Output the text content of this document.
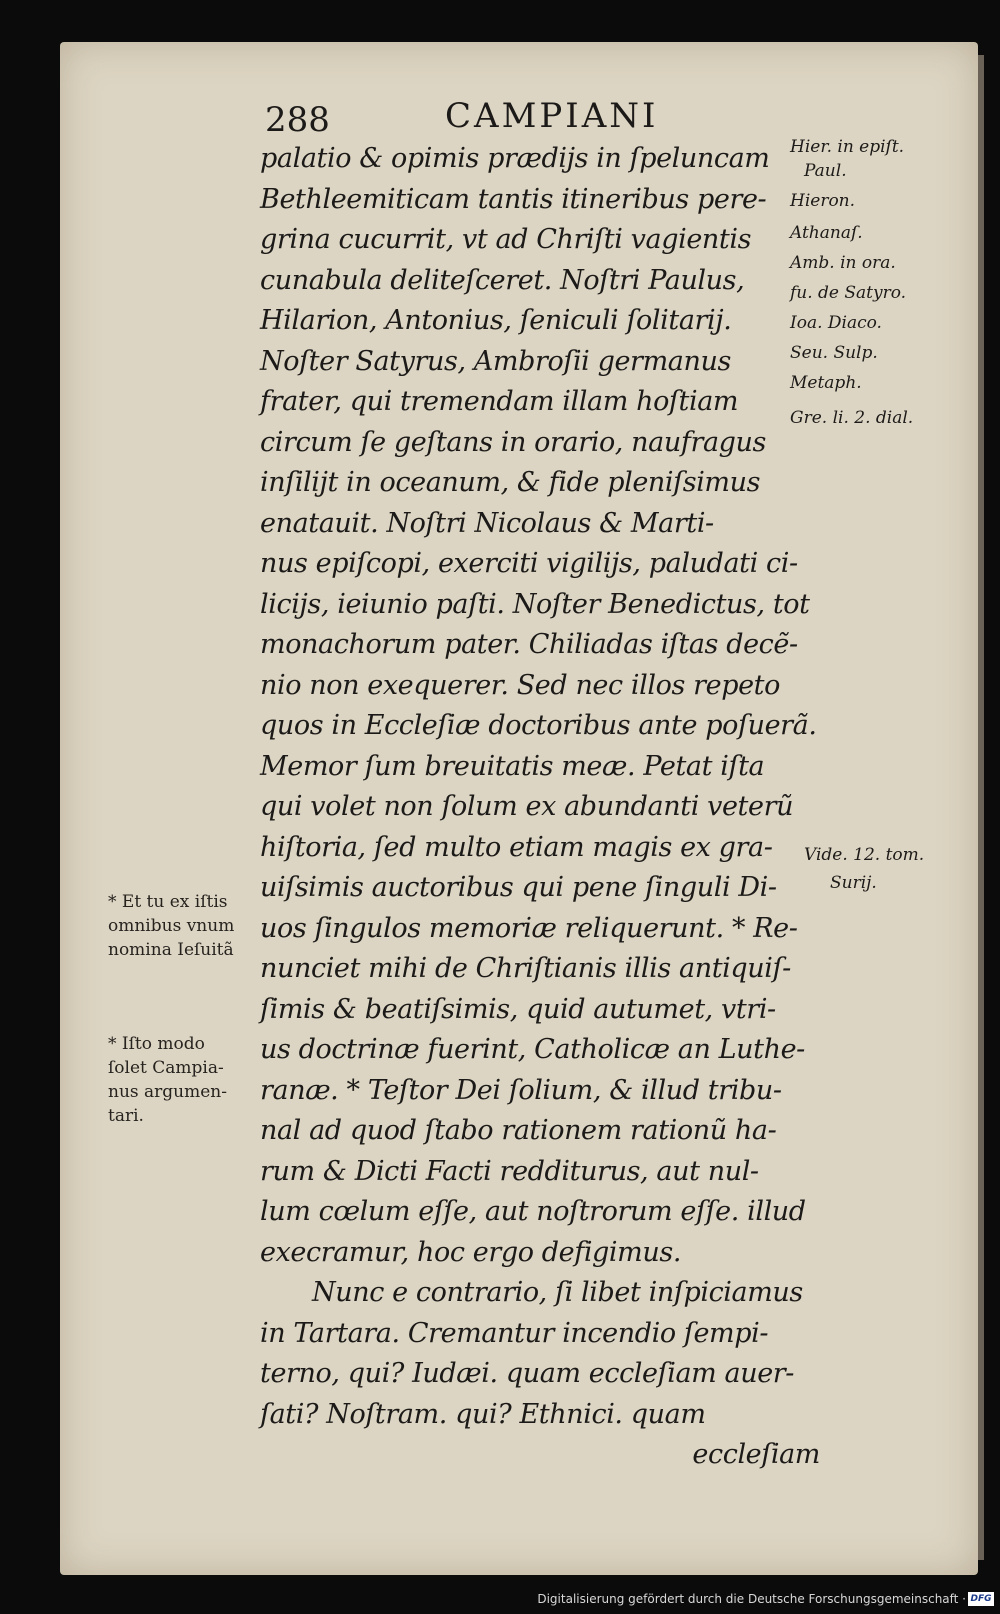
288	CAMPIANI
palatio & opimis prædijs in ſpeluncam
Bethleemiticam tantis itineribus pere-
grina cucurrit, vt ad Chriſti vagientis
cunabula deliteſceret. Noſtri Paulus,
Hilarion, Antonius, ſeniculi ſolitarij.
Noſter Satyrus, Ambroſii germanus
frater, qui tremendam illam hoſtiam
circum ſe geſtans in orario, naufragus
inſilijt in oceanum, & fide pleniſsimus
enatauit. Noſtri Nicolaus & Marti-
nus epiſcopi, exerciti vigilijs, paludati ci-
licijs, ieiunio paſti. Noſter Benedictus, tot
monachorum pater. Chiliadas iſtas decẽ-
nio non exequerer. Sed nec illos repeto
quos in Eccleſiæ doctoribus ante poſuerã.
Memor ſum breuitatis meæ. Petat iſta
qui volet non ſolum ex abundanti veterũ
hiſtoria, ſed multo etiam magis ex gra-
uiſsimis auctoribus qui pene ſinguli Di-
uos ſingulos memoriæ reliquerunt. * Re-
nunciet mihi de Chriſtianis illis antiquiſ-
ſimis & beatiſsimis, quid autumet, vtri-
us doctrinæ fuerint, Catholicæ an Luthe-
ranæ. * Teſtor Dei ſolium, & illud tribu-
nal ad quod ſtabo rationem rationũ ha-
rum & Dicti Facti redditurus, aut nul-
lum cœlum eſſe, aut noſtrorum eſſe. illud
execramur, hoc ergo defigimus.
Nunc e contrario, ſi libet inſpiciamus
in Tartara. Cremantur incendio ſempi-
terno, qui? Iudæi. quam eccleſiam auer-
ſati? Noſtram. qui? Ethnici. quam
eccleſiam
Hier. in epiſt.
Paul.
Hieron.
Athanaſ.
Amb. in ora.
fu. de Satyro.
Ioa. Diaco.
Seu. Sulp.
Metaph.
Gre. li. 2. dial.
Vide. 12. tom.
Surij.
* Et tu ex iſtis
omnibus vnum
nomina Ieſuitã
* Iſto modo
ſolet Campia-
nus argumen-
tari.
Digitalisierung gefördert durch die Deutsche Forschungsgemeinschaft · DFG
